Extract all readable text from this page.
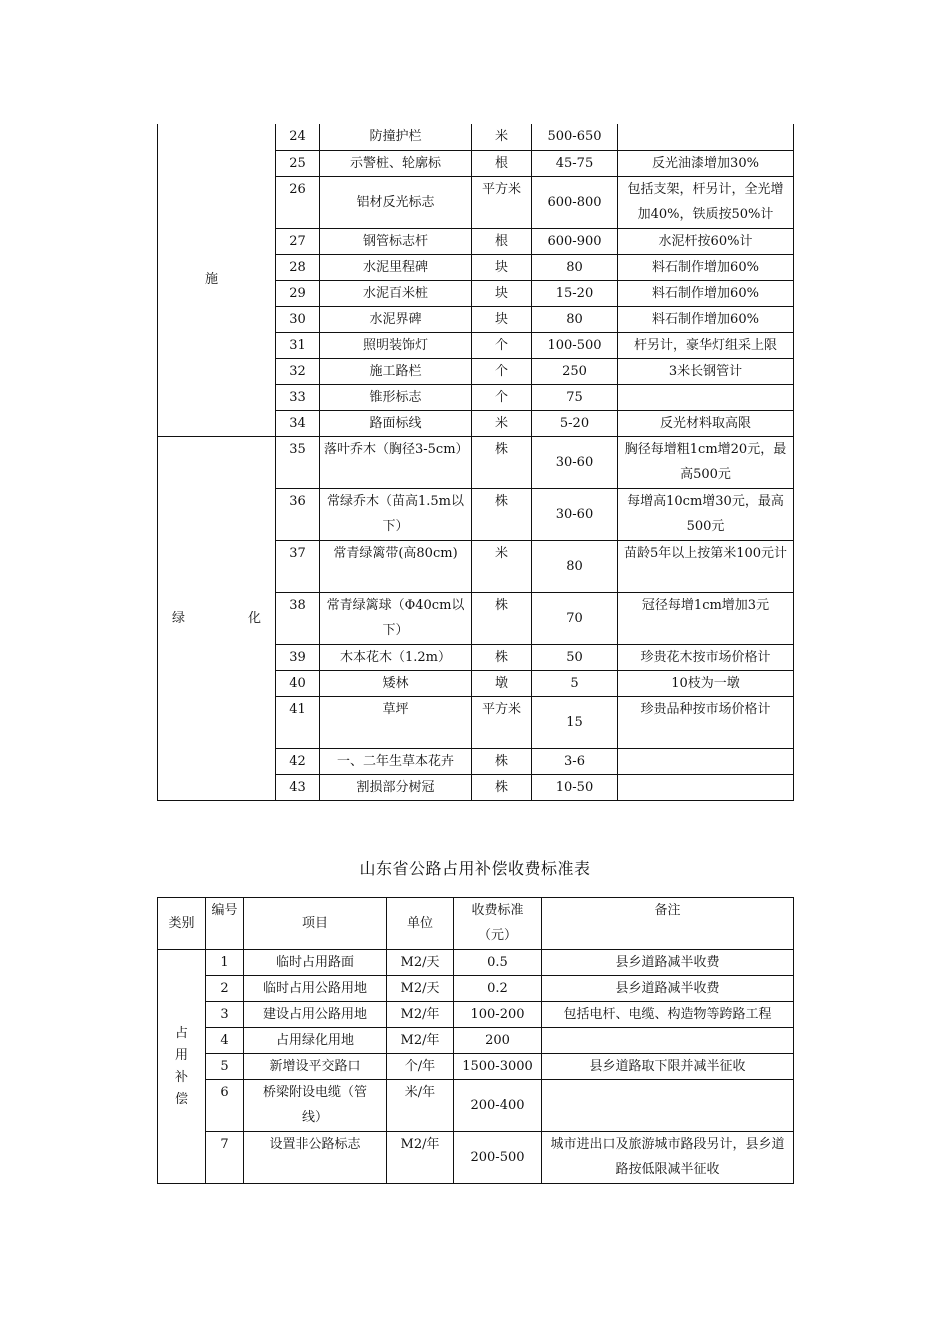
施	24	防撞护栏	米	500-650	
	25	示警桩、轮廓标	根	45-75	反光油漆增加30%
	26	铝材反光标志	平方米	600-800	包括支架，杆另计，全光增加40%，铁质按50%计
	27	钢管标志杆	根	600-900	水泥杆按60%计
	28	水泥里程碑	块	80	料石制作增加60%
	29	水泥百米桩	块	15-20	料石制作增加60%
	30	水泥界碑	块	80	料石制作增加60%
	31	照明装饰灯	个	100-500	杆另计，豪华灯组采上限
	32	施工路栏	个	250	3米长钢管计
	33	锥形标志	个	75	
	34	路面标线	米	5-20	反光材料取高限

绿 化	35	落叶乔木（胸径3-5cm）	株	30-60	胸径每增粗1cm增20元，最高500元
	36	常绿乔木（苗高1.5m以下）	株	30-60	每增高10cm增30元，最高500元
	37	常青绿篱带(高80cm)	米	80	苗龄5年以上按第米100元计
	38	常青绿篱球（Φ40cm以下）	株	70	冠径每增1cm增加3元
	39	木本花木（1.2m）	株	50	珍贵花木按市场价格计
	40	矮林	墩	5	10枝为一墩
	41	草坪	平方米	15	珍贵品种按市场价格计
	42	一、二年生草本花卉	株	3-6	
	43	割损部分树冠	株	10-50	
山东省公路占用补偿收费标准表
类别	编号	项目	单位	收费标准（元）	备注
占用补偿	1	临时占用路面	M2/天	0.5	县乡道路减半收费
	2	临时占用公路用地	M2/天	0.2	县乡道路减半收费
	3	建设占用公路用地	M2/年	100-200	包括电杆、电缆、构造物等跨路工程
	4	占用绿化用地	M2/年	200	
	5	新增设平交路口	个/年	1500-3000	县乡道路取下限并减半征收
	6	桥梁附设电缆（管线）	米/年	200-400	
	7	设置非公路标志	M2/年	200-500	城市进出口及旅游城市路段另计，县乡道路按低限减半征收
